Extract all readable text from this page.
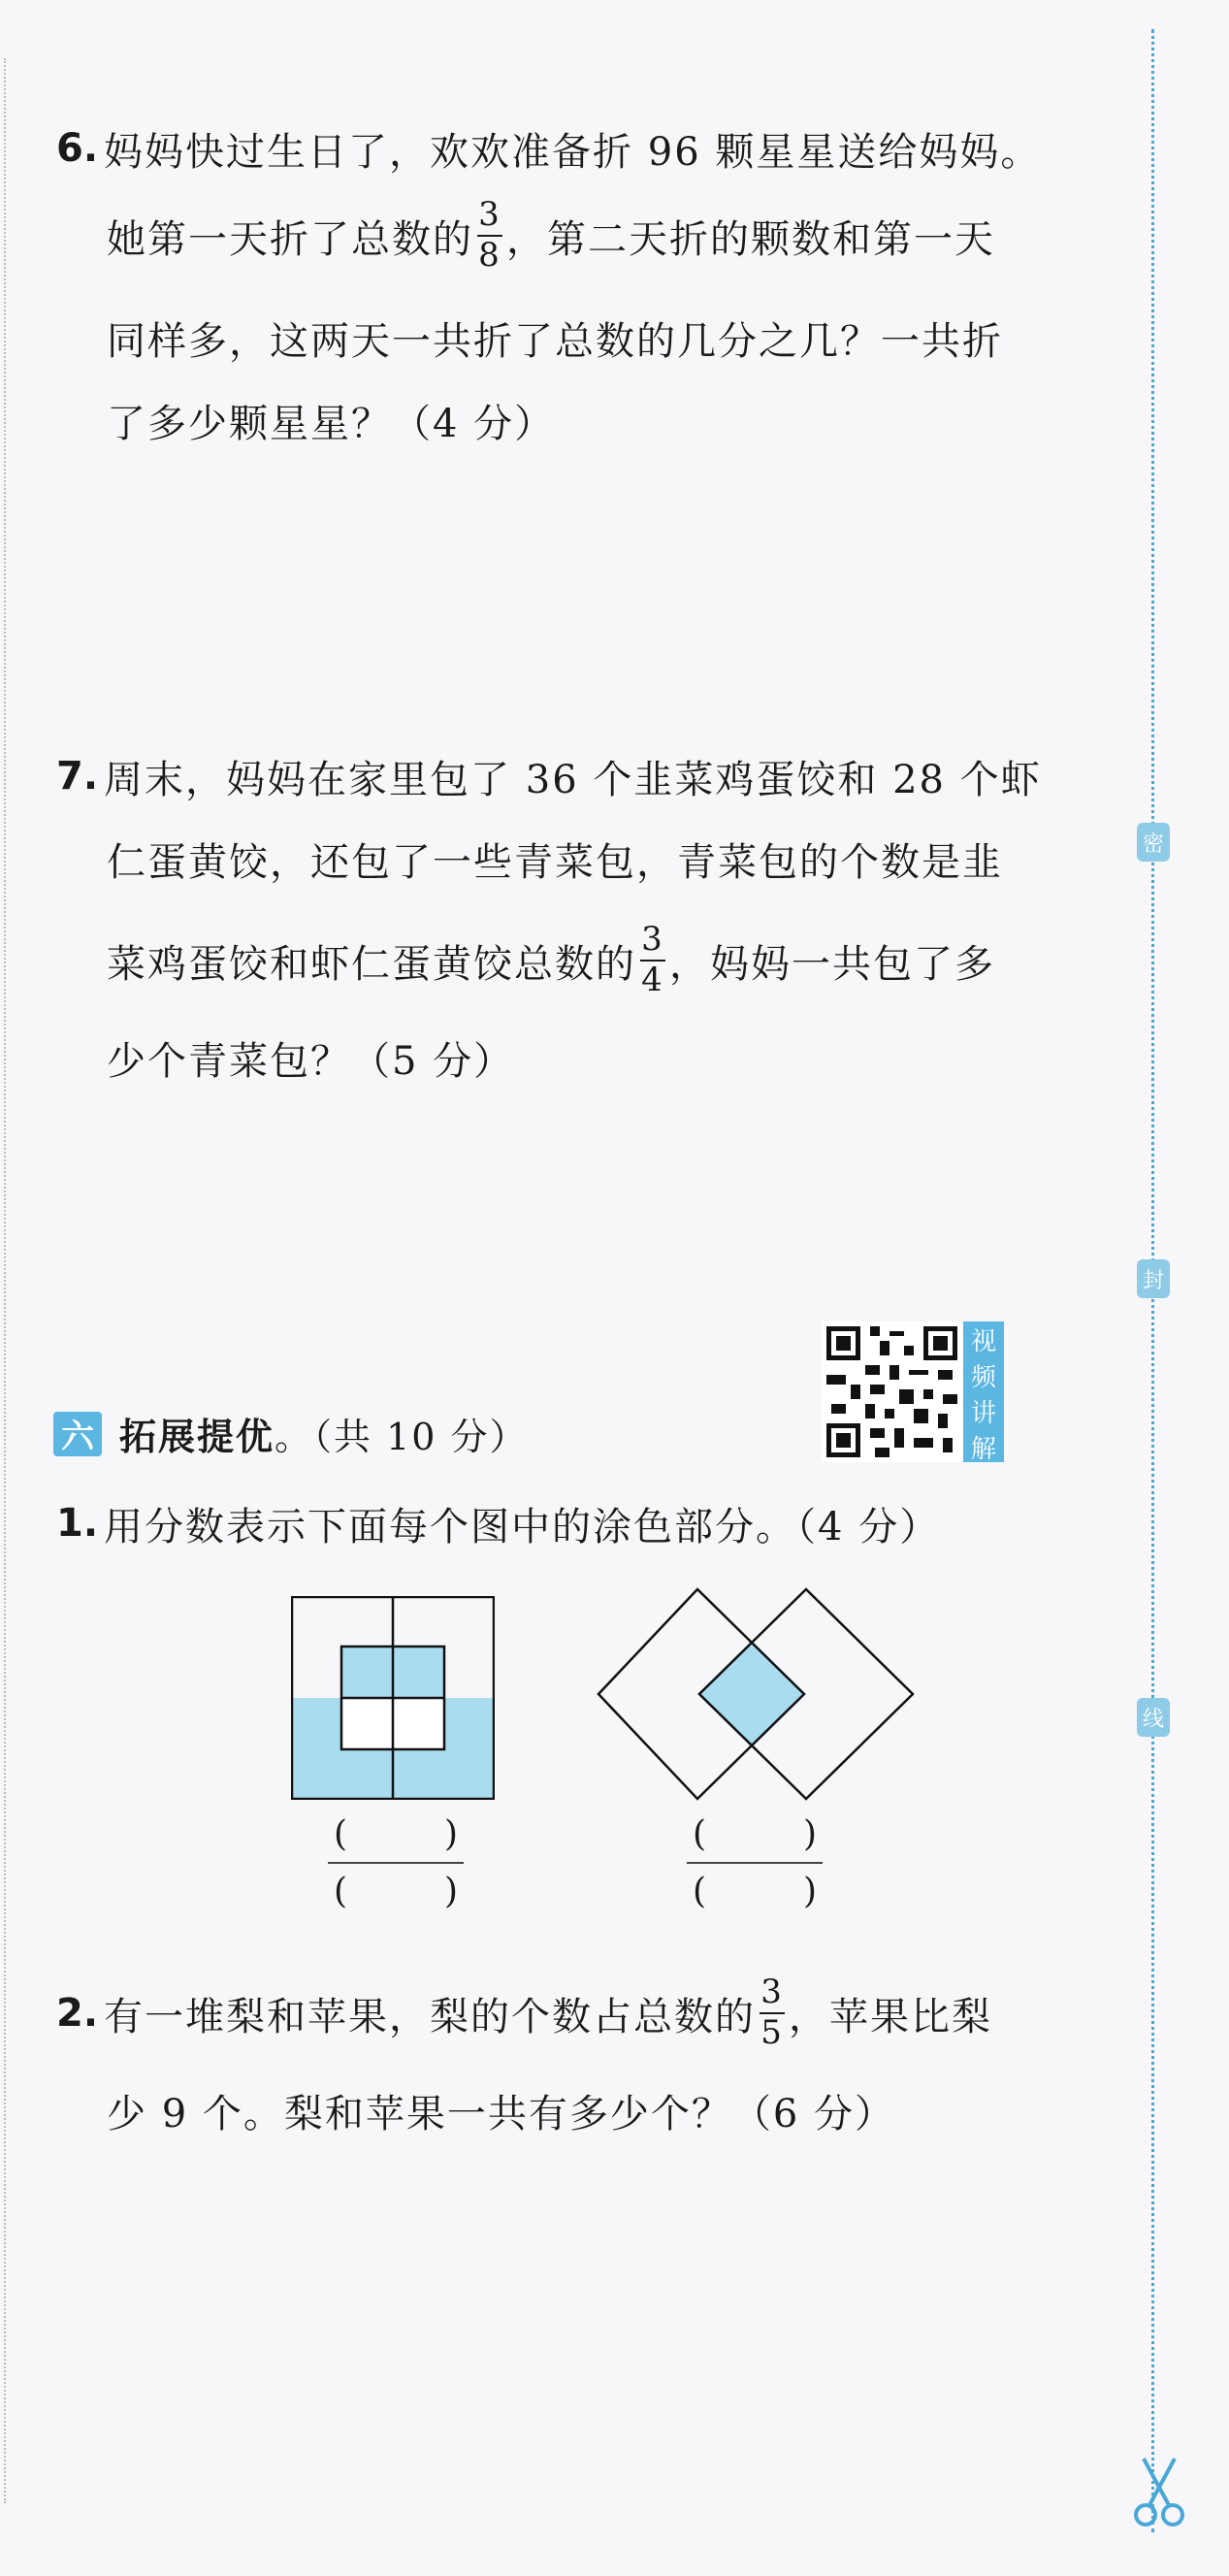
密
封
线
6. 妈妈快过生日了，欢欢准备折 96 颗星星送给妈妈。
她第一天折了总数的 $\frac{3}{8}$ ，第二天折的颗数和第一天
同样多，这两天一共折了总数的几分之几？一共折
了多少颗星星？（4 分）
7. 周末，妈妈在家里包了 36 个韭菜鸡蛋饺和 28 个虾
仁蛋黄饺，还包了一些青菜包，青菜包的个数是韭
菜鸡蛋饺和虾仁蛋黄饺总数的 $\frac{3}{4}$ ，妈妈一共包了多
少个青菜包？（5 分）
视
频
讲
解
六 拓展提优 。（共 10 分）
1. 用分数表示下面每个图中的涂色部分。（4 分）
(	)
(	)
(	)
(	)
2. 有一堆梨和苹果，梨的个数占总数的 $\frac{3}{5}$ ，苹果比梨
少 9 个。梨和苹果一共有多少个？（6 分）
